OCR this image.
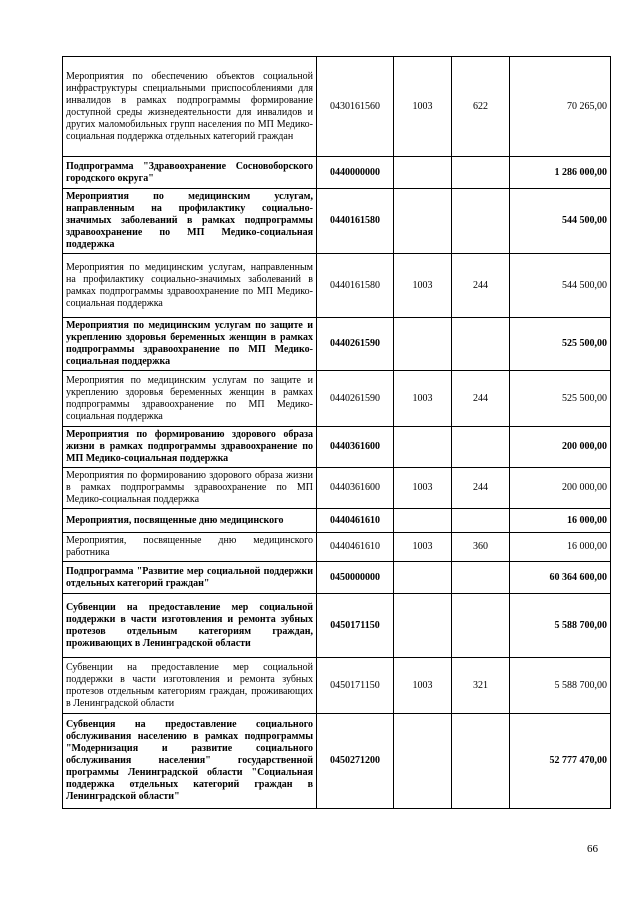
Мероприятия по обеспечению объектов социальной инфраструктуры специальными приспособлениями для инвалидов в рамках подпрограммы формирование доступной среды жизнедеятельности для инвалидов и других маломобильных групп населения по МП Медико-социальная поддержка отдельных категорий граждан	0430161560	1003	622	70 265,00
Подпрограмма "Здравоохранение Сосновоборского городского округа"	0440000000			1 286 000,00
Мероприятия по медицинским услугам, направленным на профилактику социально-значимых заболеваний в рамках подпрограммы здравоохранение по МП Медико-социальная поддержка	0440161580			544 500,00
Мероприятия по медицинским услугам, направленным на профилактику социально-значимых заболеваний в рамках подпрограммы здравоохранение по МП Медико-социальная поддержка	0440161580	1003	244	544 500,00
Мероприятия по медицинским услугам по защите и укреплению здоровья беременных женщин в рамках подпрограммы здравоохранение по МП Медико-социальная поддержка	0440261590			525 500,00
Мероприятия по медицинским услугам по защите и укреплению здоровья беременных женщин в рамках подпрограммы здравоохранение по МП Медико-социальная поддержка	0440261590	1003	244	525 500,00
Мероприятия по формированию здорового образа жизни в рамках подпрограммы здравоохранение по МП Медико-социальная поддержка	0440361600			200 000,00
Мероприятия по формированию здорового образа жизни в рамках подпрограммы здравоохранение по МП Медико-социальная поддержка	0440361600	1003	244	200 000,00
Мероприятия, посвященные дню медицинского	0440461610			16 000,00
Мероприятия, посвященные дню медицинского работника	0440461610	1003	360	16 000,00
Подпрограмма "Развитие мер социальной поддержки отдельных категорий граждан"	0450000000			60 364 600,00
Субвенции на предоставление мер социальной поддержки в части изготовления и ремонта зубных протезов отдельным категориям граждан, проживающих в Ленинградской области	0450171150			5 588 700,00
Субвенции на предоставление мер социальной поддержки в части изготовления и ремонта зубных протезов отдельным категориям граждан, проживающих в Ленинградской области	0450171150	1003	321	5 588 700,00
Субвенция на предоставление социального обслуживания населению в рамках подпрограммы "Модернизация и развитие социального обслуживания населения" государственной программы Ленинградской области "Социальная поддержка отдельных категорий граждан в Ленинградской области"	0450271200			52 777 470,00
66
